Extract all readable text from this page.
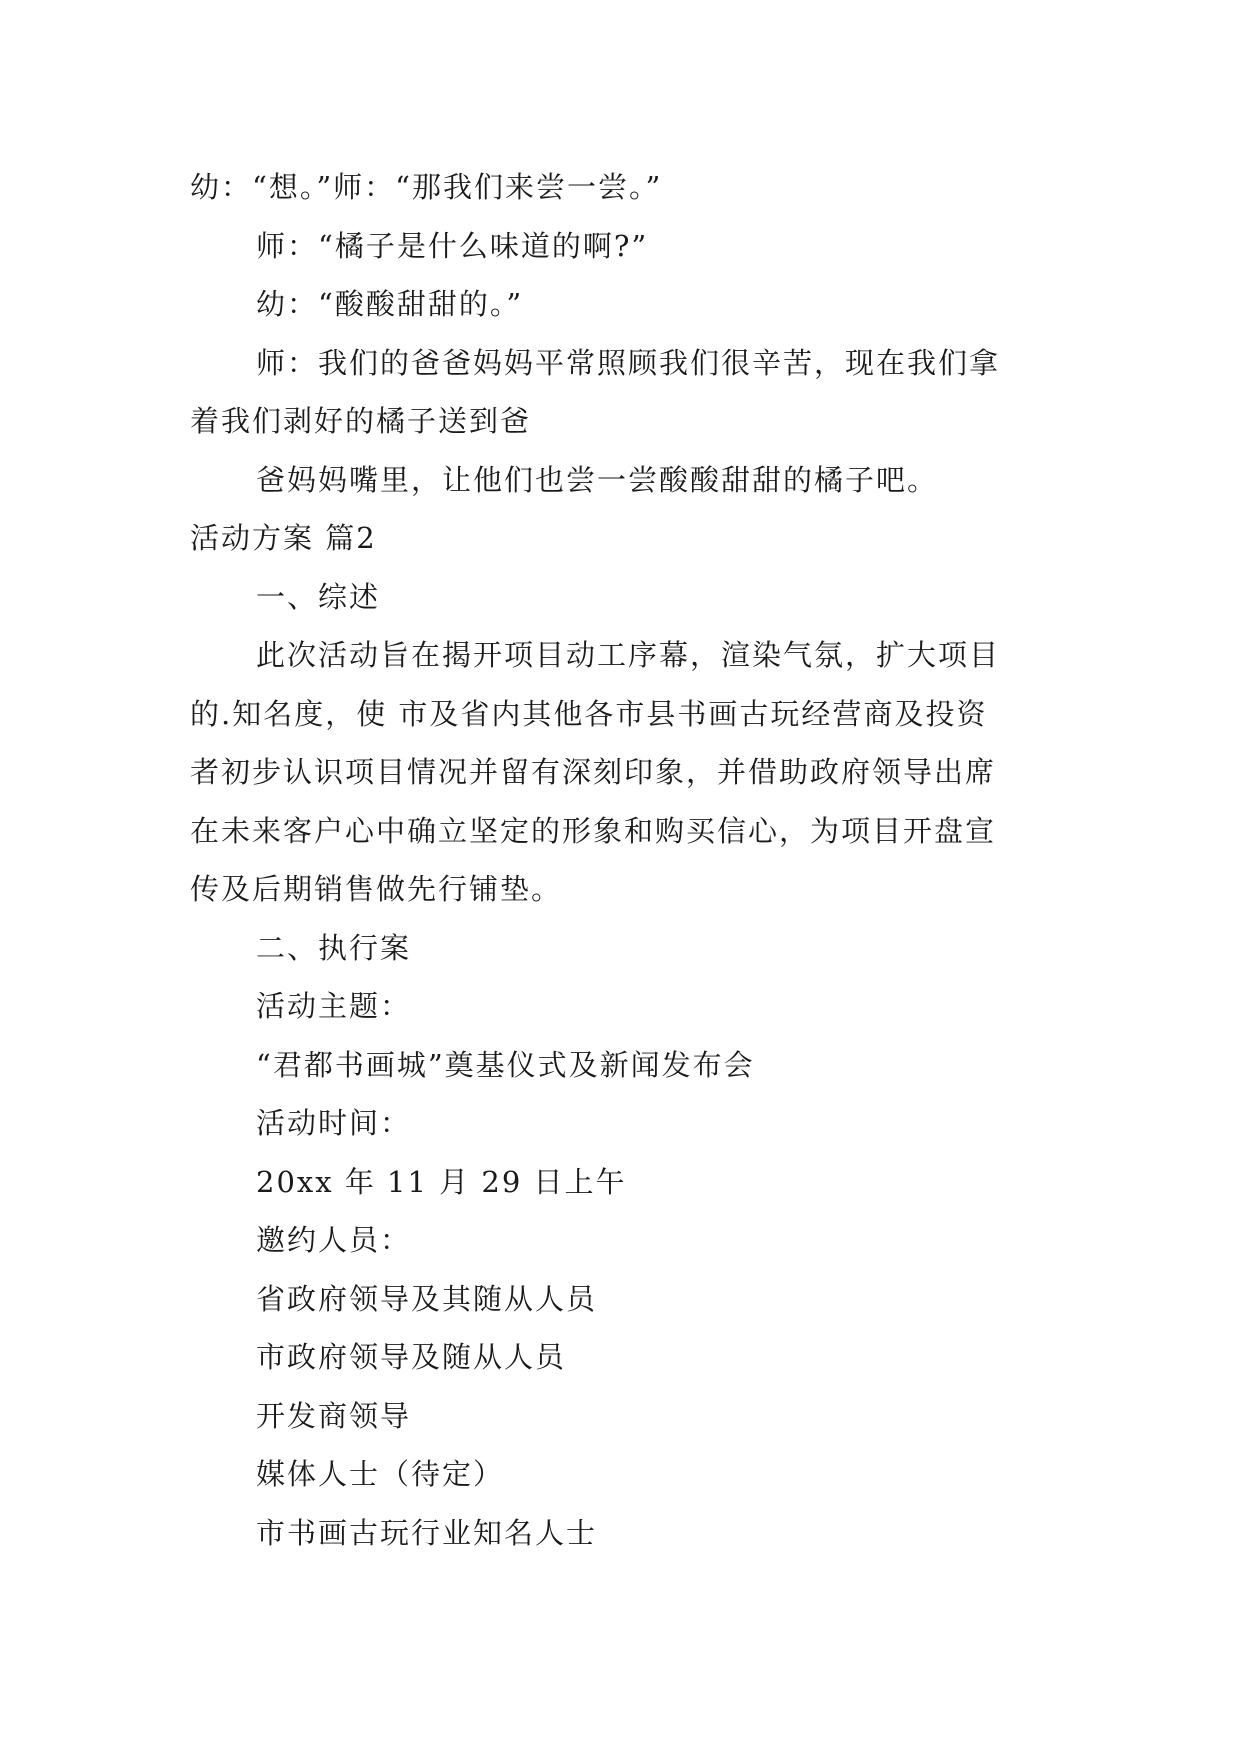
幼：“想。”师：“那我们来尝一尝。”
师：“橘子是什么味道的啊?”
幼：“酸酸甜甜的。”
师：我们的爸爸妈妈平常照顾我们很辛苦，现在我们拿
着我们剥好的橘子送到爸
爸妈妈嘴里，让他们也尝一尝酸酸甜甜的橘子吧。
活动方案 篇2
一、综述
此次活动旨在揭开项目动工序幕，渲染气氛，扩大项目
的.知名度，使 市及省内其他各市县书画古玩经营商及投资
者初步认识项目情况并留有深刻印象，并借助政府领导出席
在未来客户心中确立坚定的形象和购买信心，为项目开盘宣
传及后期销售做先行铺垫。
二、执行案
活动主题：
“君都书画城”奠基仪式及新闻发布会
活动时间：
20xx 年 11 月 29 日上午
邀约人员：
省政府领导及其随从人员
市政府领导及随从人员
开发商领导
媒体人士（待定）
市书画古玩行业知名人士
